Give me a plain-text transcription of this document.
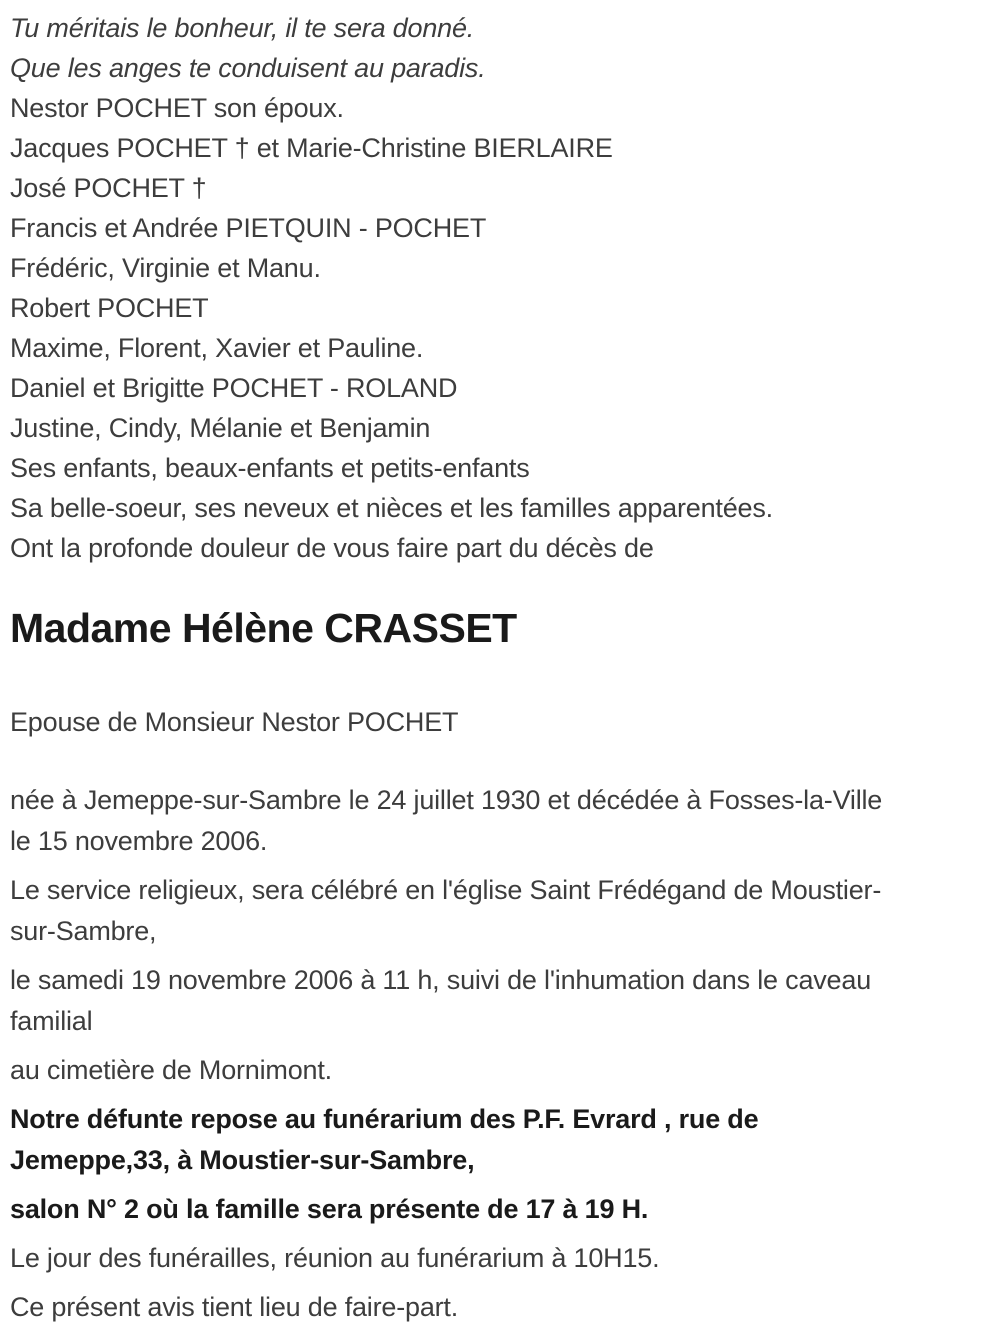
Tu méritais le bonheur, il te sera donné.
Que les anges te conduisent au paradis.
Nestor POCHET son époux.
Jacques POCHET † et Marie-Christine BIERLAIRE
José POCHET †
Francis et Andrée PIETQUIN - POCHET
Frédéric, Virginie et Manu.
Robert POCHET
Maxime, Florent, Xavier et Pauline.
Daniel et Brigitte POCHET - ROLAND
Justine, Cindy, Mélanie et Benjamin
Ses enfants, beaux-enfants et petits-enfants
Sa belle-soeur, ses neveux et nièces et les familles apparentées.
Ont la profonde douleur de vous faire part du décès de
Madame Hélène CRASSET
Epouse de Monsieur Nestor POCHET
née à Jemeppe-sur-Sambre le 24 juillet 1930 et décédée à Fosses-la-Ville
le 15 novembre 2006.
Le service religieux, sera célébré en l'église Saint Frédégand de Moustier-
sur-Sambre,
le samedi 19 novembre 2006 à 11 h, suivi de l'inhumation dans le caveau
familial
au cimetière de Mornimont.
Notre défunte repose au funérarium des P.F. Evrard , rue de
Jemeppe,33, à Moustier-sur-Sambre,
salon N° 2 où la famille sera présente de 17 à 19 H.
Le jour des funérailles, réunion au funérarium à 10H15.
Ce présent avis tient lieu de faire-part.
